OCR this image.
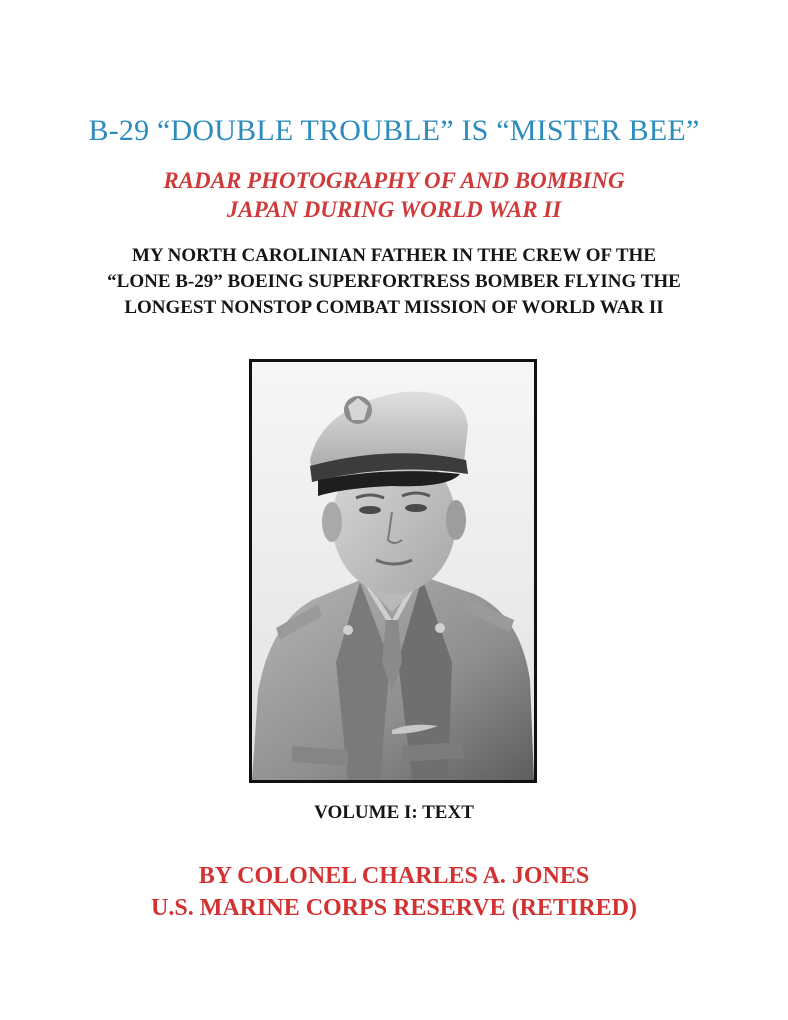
B-29 “DOUBLE TROUBLE” IS “MISTER BEE”
RADAR PHOTOGRAPHY OF AND BOMBING
JAPAN DURING WORLD WAR II
MY NORTH CAROLINIAN FATHER IN THE CREW OF THE
“LONE B-29” BOEING SUPERFORTRESS BOMBER FLYING THE
LONGEST NONSTOP COMBAT MISSION OF WORLD WAR II
VOLUME I: TEXT
BY COLONEL CHARLES A. JONES
U.S. MARINE CORPS RESERVE (RETIRED)
